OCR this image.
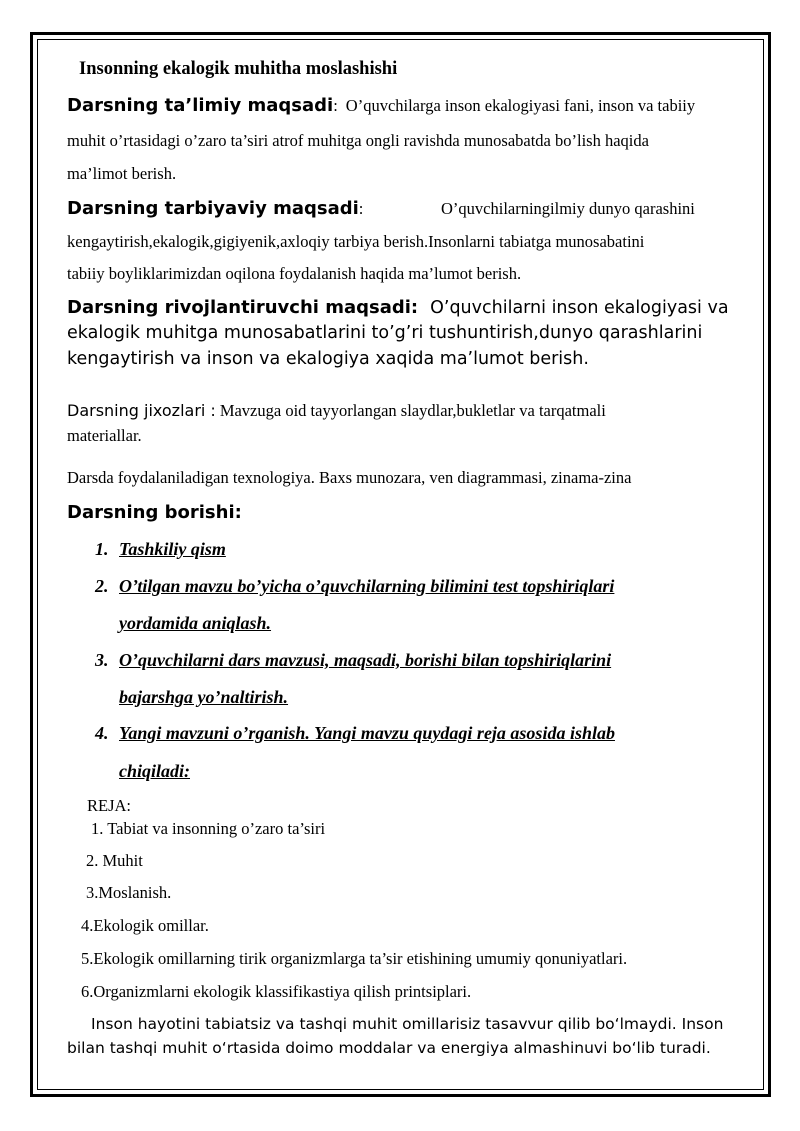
Insonning ekalogik muhitha moslashishi
Darsning ta’limiy maqsadi: O’quvchilarga inson ekalogiyasi fani, inson va tabiiy
muhit o’rtasidagi o’zaro ta’siri atrof muhitga ongli ravishda munosabatda bo’lish haqida
ma’limot berish.
Darsning tarbiyaviy maqsadi:	O’quvchilarningilmiy dunyo qarashini
kengaytirish,ekalogik,gigiyenik,axloqiy tarbiya berish.Insonlarni tabiatga munosabatini
tabiiy boyliklarimizdan oqilona foydalanish haqida ma’lumot berish.
Darsning rivojlantiruvchi maqsadi: O’quvchilarni inson ekalogiyasi va
ekalogik muhitga munosabatlarini to’g’ri tushuntirish,dunyo qarashlarini
kengaytirish va inson va ekalogiya xaqida ma’lumot berish.
Darsning jixozlari : Mavzuga oid tayyorlangan slaydlar,bukletlar va tarqatmali
materiallar.
Darsda foydalaniladigan texnologiya. Baxs munozara, ven diagrammasi, zinama-zina
Darsning borishi:
1. Tashkiliy qism
2. O’tilgan mavzu bo’yicha o’quvchilarning bilimini test topshiriqlari
yordamida aniqlash.
3. O’quvchilarni dars mavzusi, maqsadi, borishi bilan topshiriqlarini
bajarshga yo’naltirish.
4. Yangi mavzuni o’rganish. Yangi mavzu quydagi reja asosida ishlab
chiqiladi:
REJA:
1. Tabiat va insonning o’zaro ta’siri
2. Muhit
3.Moslanish.
4.Ekologik omillar.
5.Ekologik omillarning tirik organizmlarga ta’sir etishining umumiy qonuniyatlari.
6.Organizmlarni ekologik klassifikastiya qilish printsiplari.
Inson hayotini tabiatsiz va tashqi muhit omillarisiz tasavvur qilib bo‘lmaydi. Inson
bilan tashqi muhit o‘rtasida doimo moddalar va energiya almashinuvi bo‘lib turadi.
